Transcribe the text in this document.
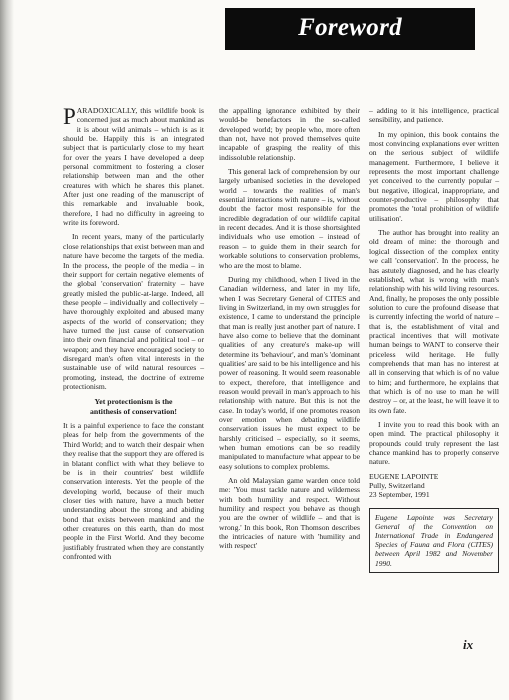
Foreword

PARADOXICALLY, this wildlife book is concerned just as much about mankind as it is about wild animals – which is as it should be. Happily this is an integrated subject that is particularly close to my heart for over the years I have developed a deep personal commitment to fostering a closer relationship between man and the other creatures with which he shares this planet. After just one reading of the manuscript of this remarkable and invaluable book, therefore, I had no difficulty in agreeing to write its foreword.

In recent years, many of the particularly close relationships that exist between man and nature have become the targets of the media. In the process, the people of the media – in their support for certain negative elements of the global 'conservation' fraternity – have greatly misled the public-at-large. Indeed, all these people – individually and collectively – have thoroughly exploited and abused many aspects of the world of conservation; they have turned the just cause of conservation into their own financial and political tool – or weapon; and they have encouraged society to disregard man's often vital interests in the sustainable use of wild natural resources – promoting, instead, the doctrine of extreme protectionism.

Yet protectionism is the
antithesis of conservation!

It is a painful experience to face the constant pleas for help from the governments of the Third World; and to watch their despair when they realise that the support they are offered is in blatant conflict with what they believe to be is in their countries' best wildlife conservation interests. Yet the people of the developing world, because of their much closer ties with nature, have a much better understanding about the strong and abiding bond that exists between mankind and the other creatures on this earth, than do most people in the First World. And they become justifiably frustrated when they are constantly confronted with

the appalling ignorance exhibited by their would-be benefactors in the so-called developed world; by people who, more often than not, have not proved themselves quite incapable of grasping the reality of this indissoluble relationship.

This general lack of comprehension by our largely urbanised societies in the developed world – towards the realities of man's essential interactions with nature – is, without doubt the factor most responsible for the incredible degradation of our wildlife capital in recent decades. And it is those shortsighted individuals who use emotion – instead of reason – to guide them in their search for workable solutions to conservation problems, who are the most to blame.

During my childhood, when I lived in the Canadian wilderness, and later in my life, when I was Secretary General of CITES and living in Switzerland, in my own struggles for existence, I came to understand the principle that man is really just another part of nature. I have also come to believe that the dominant qualities of any creature's make-up will determine its 'behaviour', and man's 'dominant qualities' are said to be his intelligence and his power of reasoning. It would seem reasonable to expect, therefore, that intelligence and reason would prevail in man's approach to his relationship with nature. But this is not the case. In today's world, if one promotes reason over emotion when debating wildlife conservation issues he must expect to be harshly criticised – especially, so it seems, when human emotions can be so readily manipulated to manufacture what appear to be easy solutions to complex problems.

An old Malaysian game warden once told me: 'You must tackle nature and wilderness with both humility and respect. Without humility and respect you behave as though you are the owner of wildlife – and that is wrong.' In this book, Ron Thomson describes the intricacies of nature with 'humility and with respect'

– adding to it his intelligence, practical sensibility, and patience.

In my opinion, this book contains the most convincing explanations ever written on the serious subject of wildlife management. Furthermore, I believe it represents the most important challenge yet conceived to the currently popular – but negative, illogical, inappropriate, and counter-productive – philosophy that promotes the 'total prohibition of wildlife utilisation'.

The author has brought into reality an old dream of mine: the thorough and logical dissection of the complex entity we call 'conservation'. In the process, he has astutely diagnosed, and he has clearly established, what is wrong with man's relationship with his wild living resources. And, finally, he proposes the only possible solution to cure the profound disease that is currently infecting the world of nature – that is, the establishment of vital and practical incentives that will motivate human beings to WANT to conserve their priceless wild heritage. He fully comprehends that man has no interest at all in conserving that which is of no value to him; and furthermore, he explains that that which is of no use to man he will destroy – or, at the least, he will leave it to its own fate.

I invite you to read this book with an open mind. The practical philosophy it propounds could truly represent the last chance mankind has to properly conserve nature.

EUGENE LAPOINTE
Pully, Switzerland
23 September, 1991
Eugene Lapointe was Secretary General of the Convention on International Trade in Endangered Species of Fauna and Flora (CITES) between April 1982 and November 1990.
ix
